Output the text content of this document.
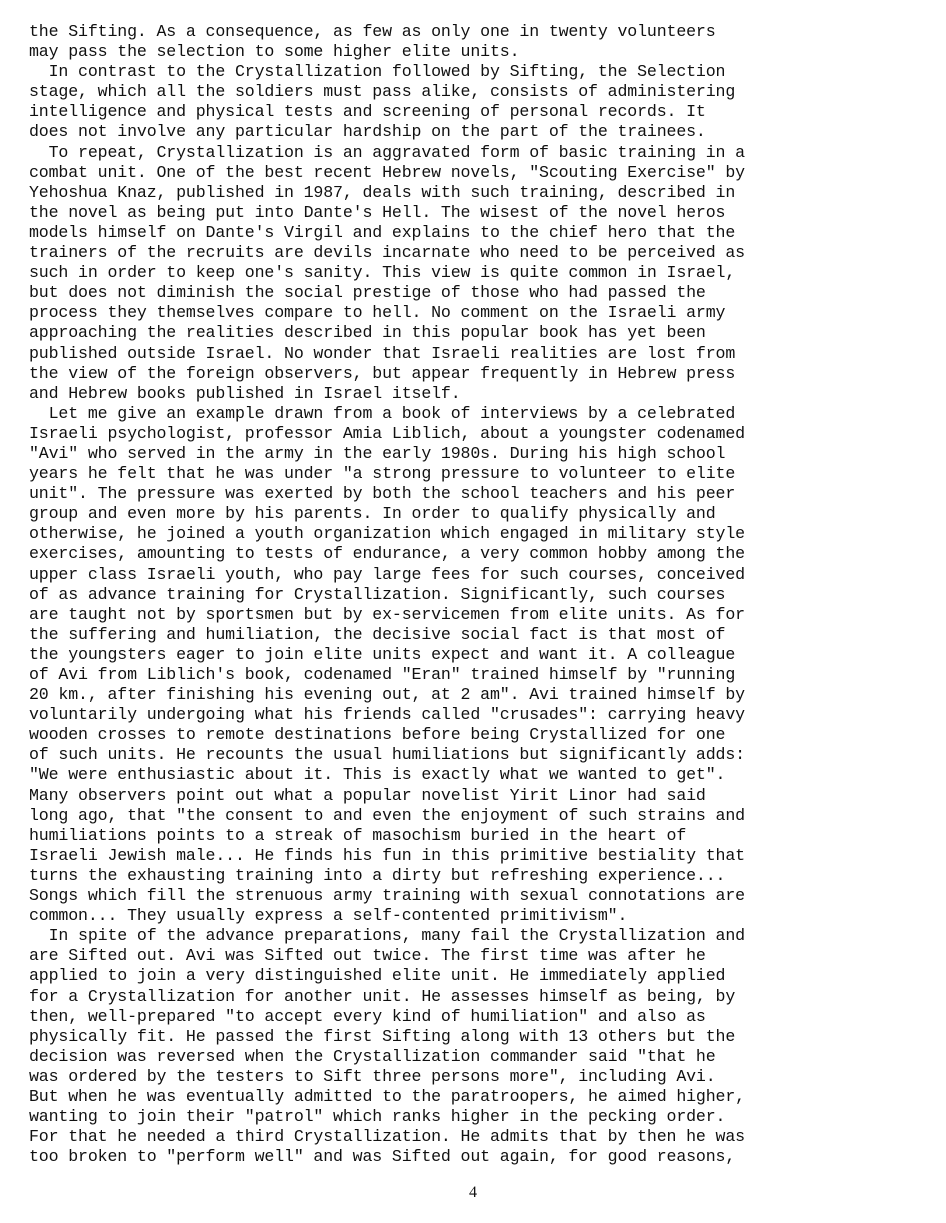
the Sifting. As a consequence, as few as only one in twenty volunteers
may pass the selection to some higher elite units.
In contrast to the Crystallization followed by Sifting, the Selection
stage, which all the soldiers must pass alike, consists of administering
intelligence and physical tests and screening of personal records. It
does not involve any particular hardship on the part of the trainees.
To repeat, Crystallization is an aggravated form of basic training in a
combat unit. One of the best recent Hebrew novels, "Scouting Exercise" by
Yehoshua Knaz, published in 1987, deals with such training, described in
the novel as being put into Dante's Hell. The wisest of the novel heros
models himself on Dante's Virgil and explains to the chief hero that the
trainers of the recruits are devils incarnate who need to be perceived as
such in order to keep one's sanity. This view is quite common in Israel,
but does not diminish the social prestige of those who had passed the
process they themselves compare to hell. No comment on the Israeli army
approaching the realities described in this popular book has yet been
published outside Israel. No wonder that Israeli realities are lost from
the view of the foreign observers, but appear frequently in Hebrew press
and Hebrew books published in Israel itself.
Let me give an example drawn from a book of interviews by a celebrated
Israeli psychologist, professor Amia Liblich, about a youngster codenamed
"Avi" who served in the army in the early 1980s. During his high school
years he felt that he was under "a strong pressure to volunteer to elite
unit". The pressure was exerted by both the school teachers and his peer
group and even more by his parents. In order to qualify physically and
otherwise, he joined a youth organization which engaged in military style
exercises, amounting to tests of endurance, a very common hobby among the
upper class Israeli youth, who pay large fees for such courses, conceived
of as advance training for Crystallization. Significantly, such courses
are taught not by sportsmen but by ex-servicemen from elite units. As for
the suffering and humiliation, the decisive social fact is that most of
the youngsters eager to join elite units expect and want it. A colleague
of Avi from Liblich's book, codenamed "Eran" trained himself by "running
20 km., after finishing his evening out, at 2 am". Avi trained himself by
voluntarily undergoing what his friends called "crusades": carrying heavy
wooden crosses to remote destinations before being Crystallized for one
of such units. He recounts the usual humiliations but significantly adds:
"We were enthusiastic about it. This is exactly what we wanted to get".
Many observers point out what a popular novelist Yirit Linor had said
long ago, that "the consent to and even the enjoyment of such strains and
humiliations points to a streak of masochism buried in the heart of
Israeli Jewish male... He finds his fun in this primitive bestiality that
turns the exhausting training into a dirty but refreshing experience...
Songs which fill the strenuous army training with sexual connotations are
common... They usually express a self-contented primitivism".
In spite of the advance preparations, many fail the Crystallization and
are Sifted out. Avi was Sifted out twice. The first time was after he
applied to join a very distinguished elite unit. He immediately applied
for a Crystallization for another unit. He assesses himself as being, by
then, well-prepared "to accept every kind of humiliation" and also as
physically fit. He passed the first Sifting along with 13 others but the
decision was reversed when the Crystallization commander said "that he
was ordered by the testers to Sift three persons more", including Avi.
But when he was eventually admitted to the paratroopers, he aimed higher,
wanting to join their "patrol" which ranks higher in the pecking order.
For that he needed a third Crystallization. He admits that by then he was
too broken to "perform well" and was Sifted out again, for good reasons,
4
